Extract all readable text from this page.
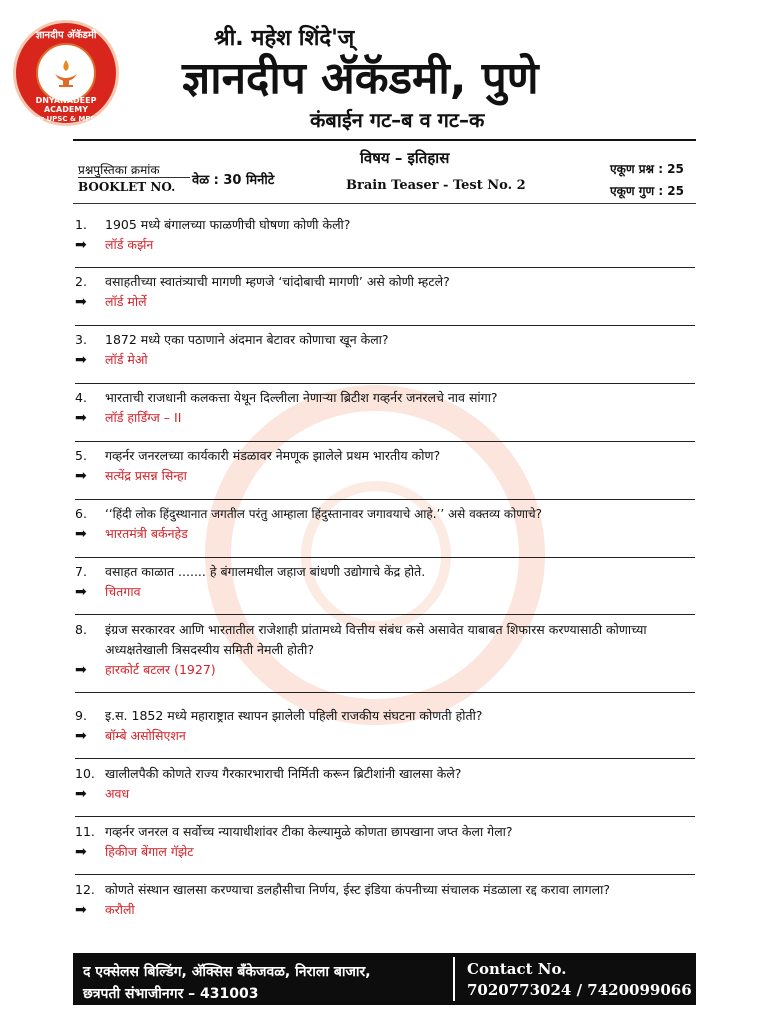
ज्ञानदीप अ‍ॅकॅडमी
DNYANADEEP ACADEMY
For UPSC & MPSC
श्री. महेश शिंदे'ज्
ज्ञानदीप अ‍ॅकॅडमी, पुणे
कंबाईन गट–ब व गट–क
प्रश्नपुस्तिका क्रमांक
BOOKLET NO. वेळ : 30 मिनीटे
विषय – इतिहास
Brain Teaser - Test No. 2
एकूण प्रश्न : 25
एकूण गुण : 25
1.	1905 मध्ये बंगालच्या फाळणीची घोषणा कोणी केली?
➡	लॉर्ड कर्झन
2.	वसाहतीच्या स्वातंत्र्याची मागणी म्हणजे ‘चांदोबाची मागणी’ असे कोणी म्हटले?
➡	लॉर्ड मोर्ले
3.	1872 मध्ये एका पठाणाने अंदमान बेटावर कोणाचा खून केला?
➡	लॉर्ड मेओ
4.	भारताची राजधानी कलकत्ता येथून दिल्लीला नेणाऱ्या ब्रिटीश गव्हर्नर जनरलचे नाव सांगा?
➡	लॉर्ड हार्डिंग्ज – II
5.	गव्हर्नर जनरलच्या कार्यकारी मंडळावर नेमणूक झालेले प्रथम भारतीय कोण?
➡	सत्येंद्र प्रसन्न सिन्हा
6.	‘‘हिंदी लोक हिंदुस्थानात जगतील परंतु आम्हाला हिंदुस्तानावर जगावयाचे आहे.’’ असे वक्तव्य कोणाचे?
➡	भारतमंत्री बर्कनहेड
7.	वसाहत काळात ....... हे बंगालमधील जहाज बांधणी उद्योगाचे केंद्र होते.
➡	चितगाव
8.	इंग्रज सरकारवर आणि भारतातील राजेशाही प्रांतामध्ये वित्तीय संबंध कसे असावेत याबाबत शिफारस करण्यासाठी कोणाच्या अध्यक्षतेखाली त्रिसदस्यीय समिती नेमली होती?
➡	हारकोर्ट बटलर (1927)
9.	इ.स. 1852 मध्ये महाराष्ट्रात स्थापन झालेली पहिली राजकीय संघटना कोणती होती?
➡	बॉम्बे असोसिएशन
10. खालीलपैकी कोणते राज्य गैरकारभाराची निर्मिती करून ब्रिटीशांनी खालसा केले?
➡	अवध
11. गव्हर्नर जनरल व सर्वोच्च न्यायाधीशांवर टीका केल्यामुळे कोणता छापखाना जप्त केला गेला?
➡	हिकीज बेंगाल गॅझेट
12. कोणते संस्थान खालसा करण्याचा डलहौसीचा निर्णय, ईस्ट इंडिया कंपनीच्या संचालक मंडळाला रद्द करावा लागला?
➡	करौली
द एक्सेलस बिल्डिंग, अ‍ॅक्सिस बँकेजवळ, निराला बाजार,
छत्रपती संभाजीनगर – 431003
Contact No.
7020773024 / 7420099066
